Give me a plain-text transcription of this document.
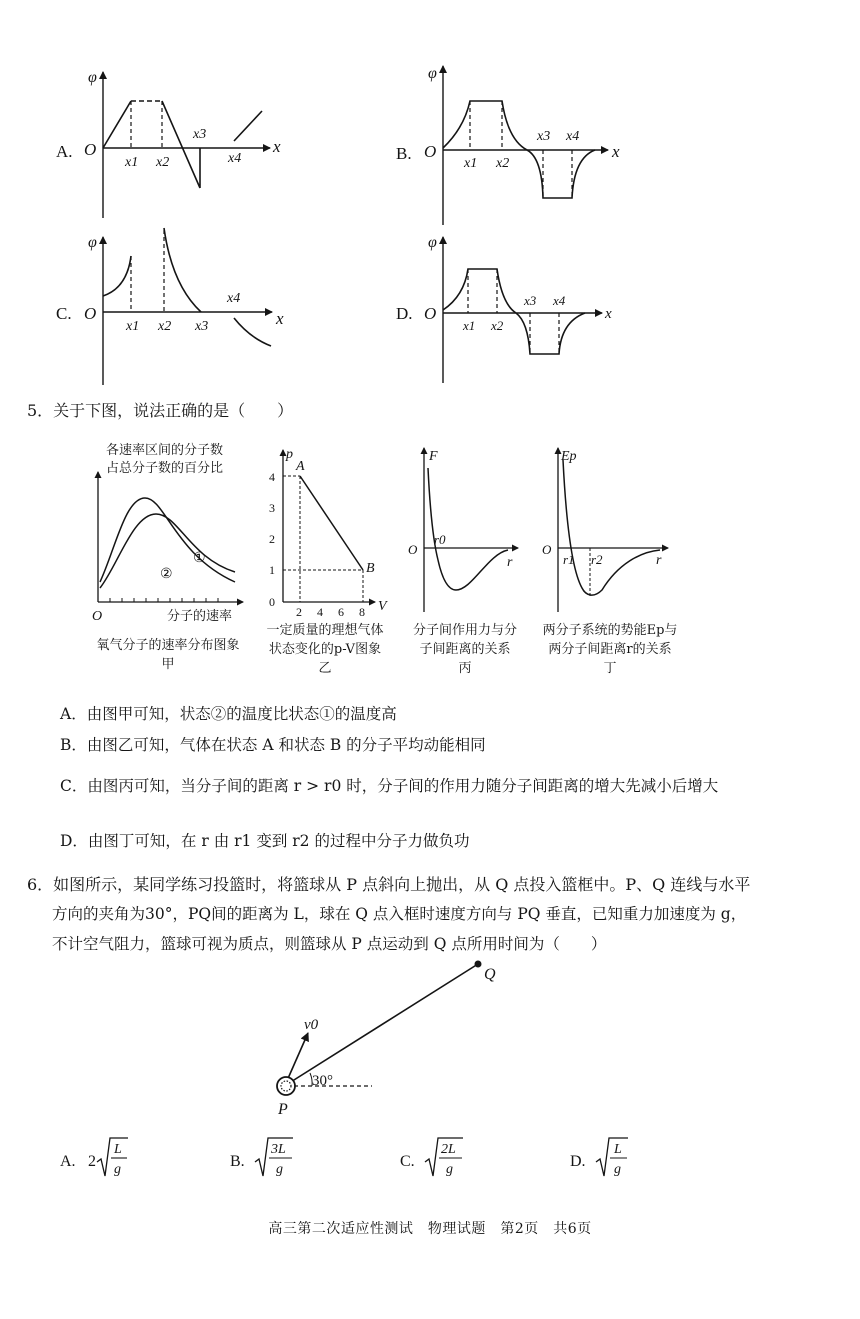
A. O
φ
x
x1 x2
x3
x4	B. O
φ
x
x1 x2
x3 x4
C. O
φ
x
x1 x2 x3
x4
D. O
φ
x
x1 x2
x3 x4
5．关于下图，说法正确的是（　　）
各速率区间的分子数
占总分子数的百分比
①
②
O	分子的速率
p
V
0
1
2
3
4
2 4 6 8
A
B
F
r
O
r0
Ep
r
O
r1 r2
氧气分子的速率分布图象
甲
一定质量的理想气体
状态变化的p-V图象
乙
分子间作用力与分
子间距离的关系
丙
两分子系统的势能Ep与
两分子间距离r的关系
丁
A．由图甲可知，状态②的温度比状态①的温度高
B．由图乙可知，气体在状态 A 和状态 B 的分子平均动能相同
C．由图丙可知，当分子间的距离 r > r0 时，分子间的作用力随分子间距离的增大先减小后增大
D．由图丁可知，在 r 由 r1 变到 r2 的过程中分子力做负功
6．如图所示，某同学练习投篮时，将篮球从 P 点斜向上抛出，从 Q 点投入篮框中。P、Q 连线与水平
方向的夹角为30°，PQ间的距离为 L，球在 Q 点入框时速度方向与 PQ 垂直，已知重力加速度为 g，
不计空气阻力，篮球可视为质点，则篮球从 P 点运动到 Q 点所用时间为（　　）
Q
P
v0
30°
A. 2
L
g	B.
3L
g	C.
2L
g	D.
L
g
高三第二次适应性测试　物理试题　第2页　共6页
